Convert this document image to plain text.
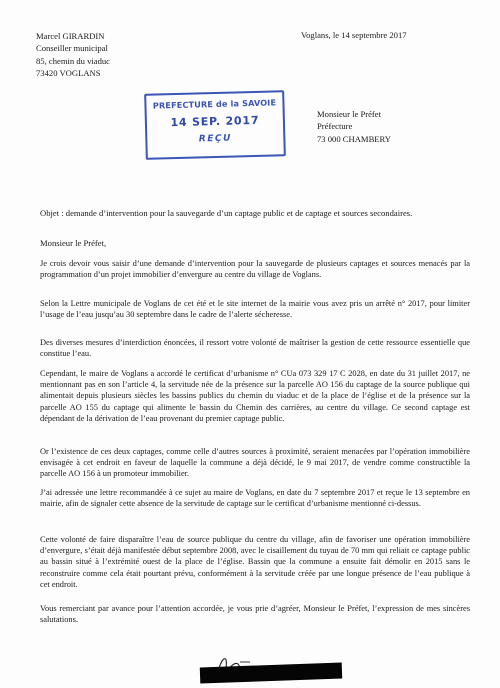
Marcel GIRARDIN
Conseiller municipal
85, chemin du viaduc
73420 VOGLANS
Voglans, le 14 septembre 2017
PREFECTURE de la SAVOIE
14 SEP. 2017
REÇU
Monsieur le Préfet
Préfecture
73 000 CHAMBERY
Objet : demande d’intervention pour la sauvegarde d’un captage public et de captage et sources secondaires.
Monsieur le Préfet,

Je crois devoir vous saisir d’une demande d’intervention pour la sauvegarde de plusieurs captages et sources menacés par la programmation d’un projet immobilier d’envergure au centre du village de Voglans.

Selon la Lettre municipale de Voglans de cet été et le site internet de la mairie vous avez pris un arrêté n° 2017, pour limiter l’usage de l’eau jusqu’au 30 septembre dans le cadre de l’alerte sécheresse.

Des diverses mesures d’interdiction énoncées, il ressort votre volonté de maîtriser la gestion de cette ressource essentielle que constitue l’eau.

Cependant, le maire de Voglans a accordé le certificat d’urbanisme n° CUa 073 329 17 C 2028, en date du 31 juillet 2017, ne mentionnant pas en son l’article 4, la servitude née de la présence sur la parcelle AO 156 du captage de la source publique qui alimentait depuis plusieurs siècles les bassins publics du chemin du viaduc et de la place de l’église et de la présence sur la parcelle AO 155 du captage qui alimente le bassin du Chemin des carrières, au centre du village. Ce second captage est dépendant de la dérivation de l’eau provenant du premier captage public.

Or l’existence de ces deux captages, comme celle d’autres sources à proximité, seraient menacées par l’opération immobilière envisagée à cet endroit en faveur de laquelle la commune a déjà décidé, le 9 mai 2017, de vendre comme constructible la parcelle AO 156 à un promoteur immobilier.

J’ai adressée une lettre recommandée à ce sujet au maire de Voglans, en date du 7 septembre 2017 et reçue le 13 septembre en mairie, afin de signaler cette absence de la servitude de captage sur le certificat d’urbanisme mentionné ci-dessus.

Cette volonté de faire disparaître l’eau de source publique du centre du village, afin de favoriser une opération immobilière d’envergure, s’était déjà manifestée début septembre 2008, avec le cisaillement du tuyau de 70 mm qui reliait ce captage public au bassin situé à l’extrémité ouest de la place de l’église. Bassin que la commune a ensuite fait démolir en 2015 sans le reconstruire comme cela était pourtant prévu, conformément à la servitude créée par une longue présence de l’eau publique à cet endroit.

Vous remerciant par avance pour l’attention accordée, je vous prie d’agréer, Monsieur le Préfet, l’expression de mes sincères salutations.
